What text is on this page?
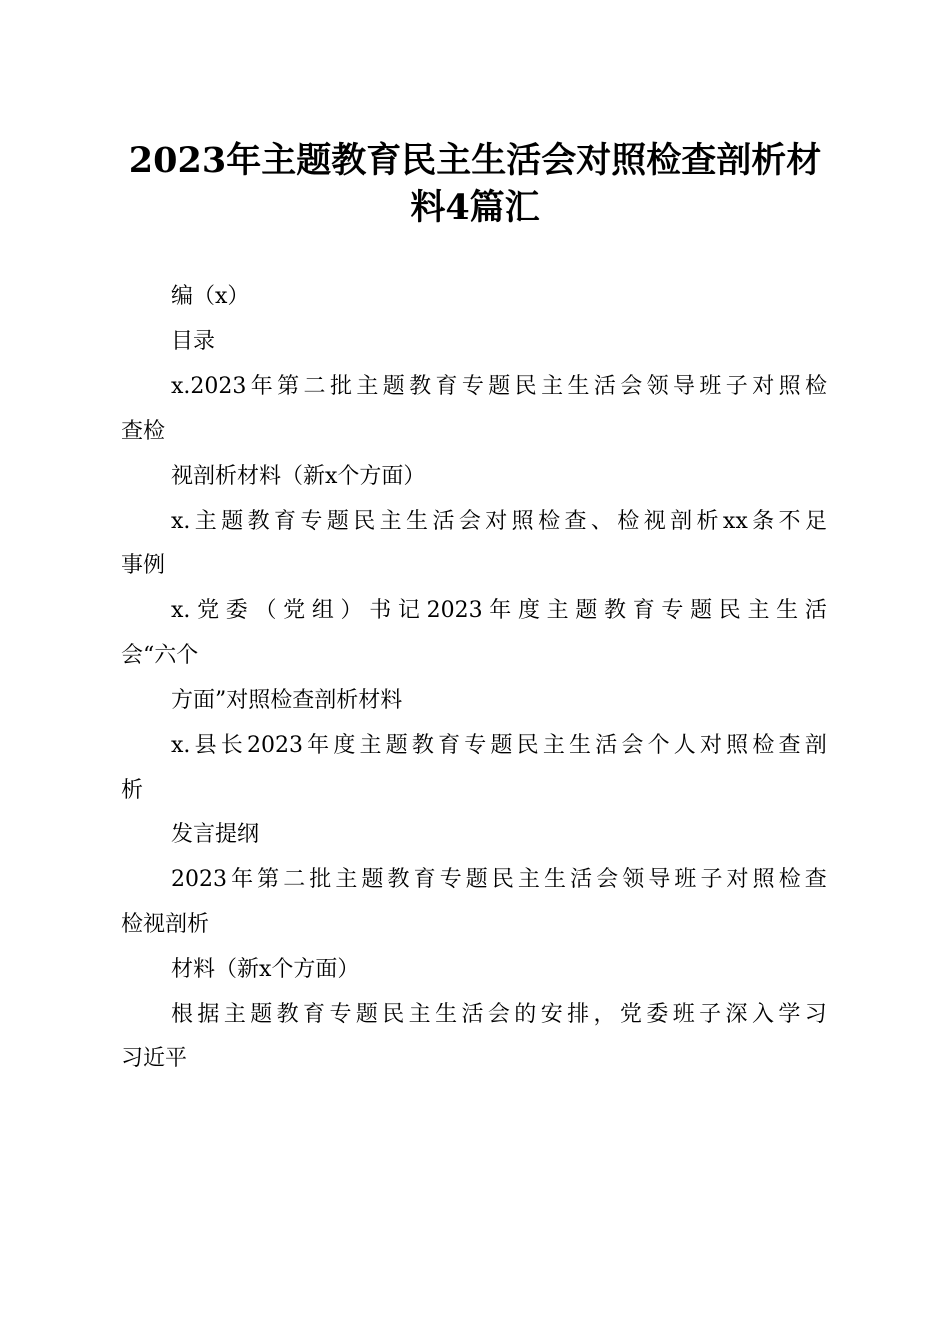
2023年主题教育民主生活会对照检查剖析材
料4篇汇
编（x）
目录
x.2023 年 第 二 批 主 题 教 育 专 题 民 主 生 活 会 领 导 班 子 对 照 检
查检
视剖析材料（新x个方面）
x. 主 题 教 育 专 题 民 主 生 活 会 对 照 检 查 、 检 视 剖 析 xx 条 不 足
事例
x. 党 委 （ 党 组 ） 书 记 2023 年 度 主 题 教 育 专 题 民 主 生 活
会“六个
方面”对照检查剖析材料
x. 县 长 2023 年 度 主 题 教 育 专 题 民 主 生 活 会 个 人 对 照 检 查 剖
析
发言提纲
2023 年 第 二 批 主 题 教 育 专 题 民 主 生 活 会 领 导 班 子 对 照 检 查
检视剖析
材料（新x个方面）
根 据 主 题 教 育 专 题 民 主 生 活 会 的 安 排 ， 党 委 班 子 深 入 学 习
习近平
